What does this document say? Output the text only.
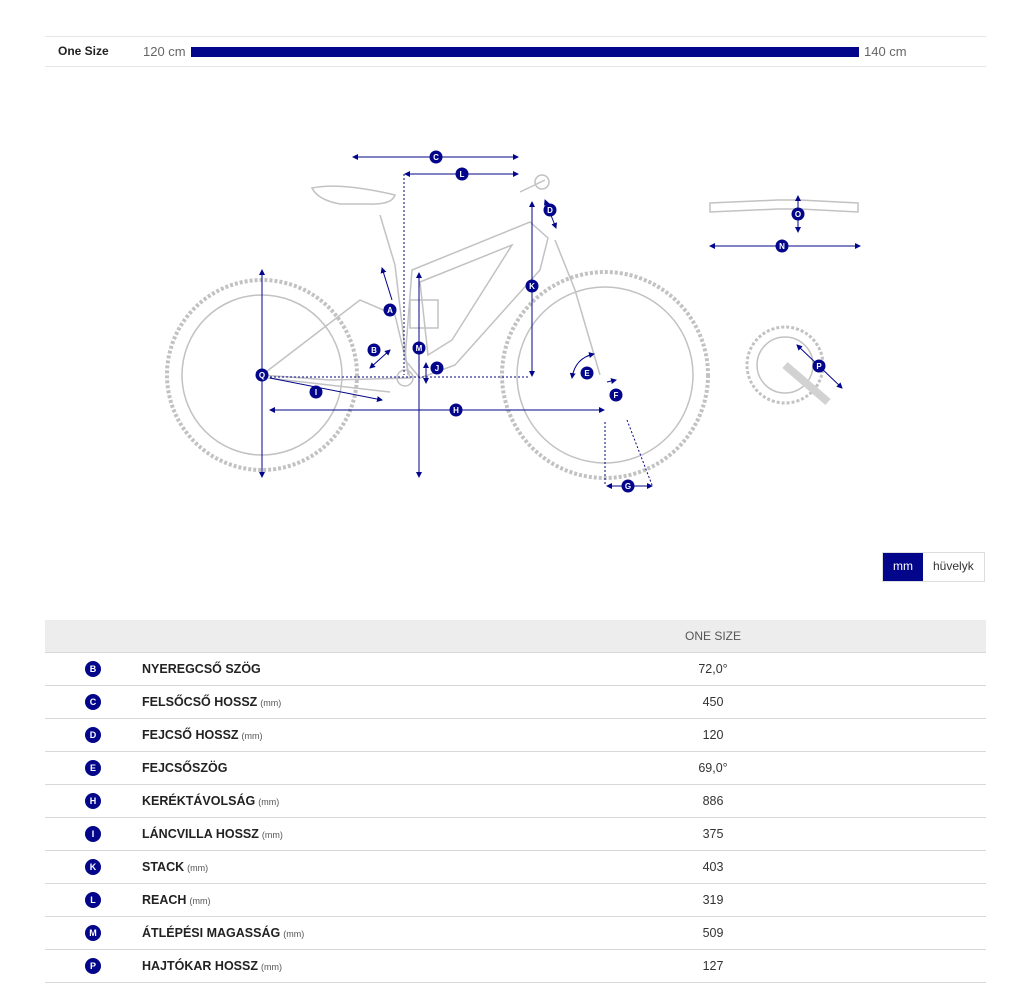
One Size	120 cm	140 cm
A
B
C
D
E
F
G
H
I
J
K
L
M
N
O
P
Q
mm	hüvelyk
		ONE SIZE	
B	NYEREGCSŐ SZÖG	72,0°	
C	FELSŐCSŐ HOSSZ (mm)	450	
D	FEJCSŐ HOSSZ (mm)	120	
E	FEJCSŐSZÖG	69,0°	
H	KERÉKTÁVOLSÁG (mm)	886	
I	LÁNCVILLA HOSSZ (mm)	375	
K	STACK (mm)	403	
L	REACH (mm)	319	
M	ÁTLÉPÉSI MAGASSÁG (mm)	509	
P	HAJTÓKAR HOSSZ (mm)	127	
